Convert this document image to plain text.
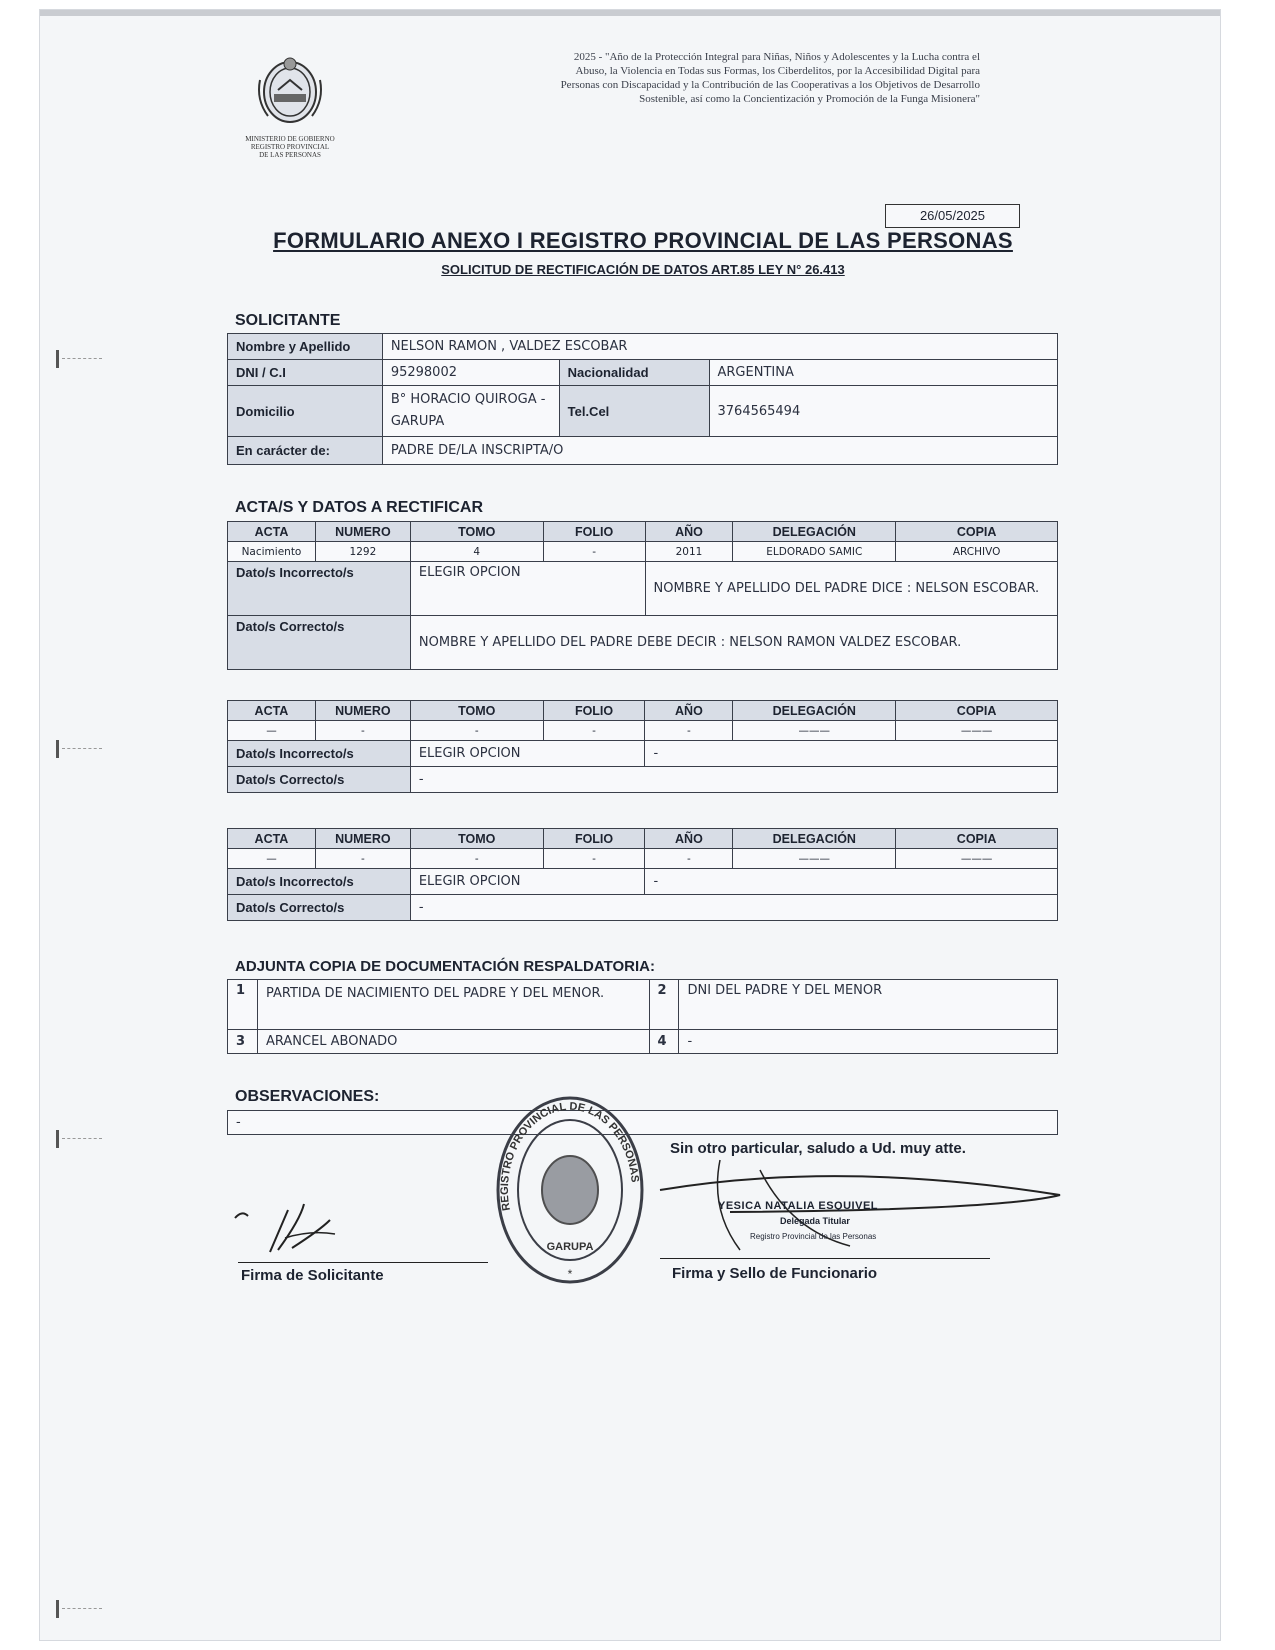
MINISTERIO DE GOBIERNO
REGISTRO PROVINCIAL
DE LAS PERSONAS
2025 - "Año de la Protección Integral para Niñas, Niños y Adolescentes y la Lucha contra el Abuso, la Violencia en Todas sus Formas, los Ciberdelitos, por la Accesibilidad Digital para Personas con Discapacidad y la Contribución de las Cooperativas a los Objetivos de Desarrollo Sostenible, así como la Concientización y Promoción de la Funga Misionera"
26/05/2025
FORMULARIO ANEXO I REGISTRO PROVINCIAL DE LAS PERSONAS
SOLICITUD DE RECTIFICACIÓN DE DATOS ART.85 LEY N° 26.413
SOLICITANTE
Nombre y Apellido	NELSON RAMON , VALDEZ ESCOBAR		
DNI / C.I	95298002	Nacionalidad	ARGENTINA
Domicilio	B° HORACIO QUIROGA - GARUPA	Tel.Cel	3764565494
En carácter de:	PADRE DE/LA INSCRIPTA/O		
ACTA/S Y DATOS A RECTIFICAR
ACTA	NUMERO	TOMO	FOLIO	AÑO	DELEGACIÓN	COPIA
Nacimiento	1292	4	-	2011	ELDORADO SAMIC	ARCHIVO
Dato/s Incorrecto/s		ELEGIR OPCION		NOMBRE Y APELLIDO DEL PADRE DICE : NELSON ESCOBAR.		
Dato/s Correcto/s		NOMBRE Y APELLIDO DEL PADRE DEBE DECIR : NELSON RAMON VALDEZ ESCOBAR.				
ACTA	NUMERO	TOMO	FOLIO	AÑO	DELEGACIÓN	COPIA
—	-	-	-	-	———	———
Dato/s Incorrecto/s		ELEGIR OPCION		-		
Dato/s Correcto/s		-				
ACTA	NUMERO	TOMO	FOLIO	AÑO	DELEGACIÓN	COPIA
—	-	-	-	-	———	———
Dato/s Incorrecto/s		ELEGIR OPCION		-		
Dato/s Correcto/s		-				
ADJUNTA COPIA DE DOCUMENTACIÓN RESPALDATORIA:
1	PARTIDA DE NACIMIENTO DEL PADRE Y DEL MENOR.	2	DNI DEL PADRE Y DEL MENOR
3	ARANCEL ABONADO	4	-
OBSERVACIONES:
-
REGISTRO PROVINCIAL DE LAS PERSONAS
GARUPA
*
Sin otro particular, saludo a Ud. muy atte.
Firma de Solicitante
YESICA NATALIA ESQUIVEL
Delegada Titular
Registro Provincial de las Personas
Firma y Sello de Funcionario
